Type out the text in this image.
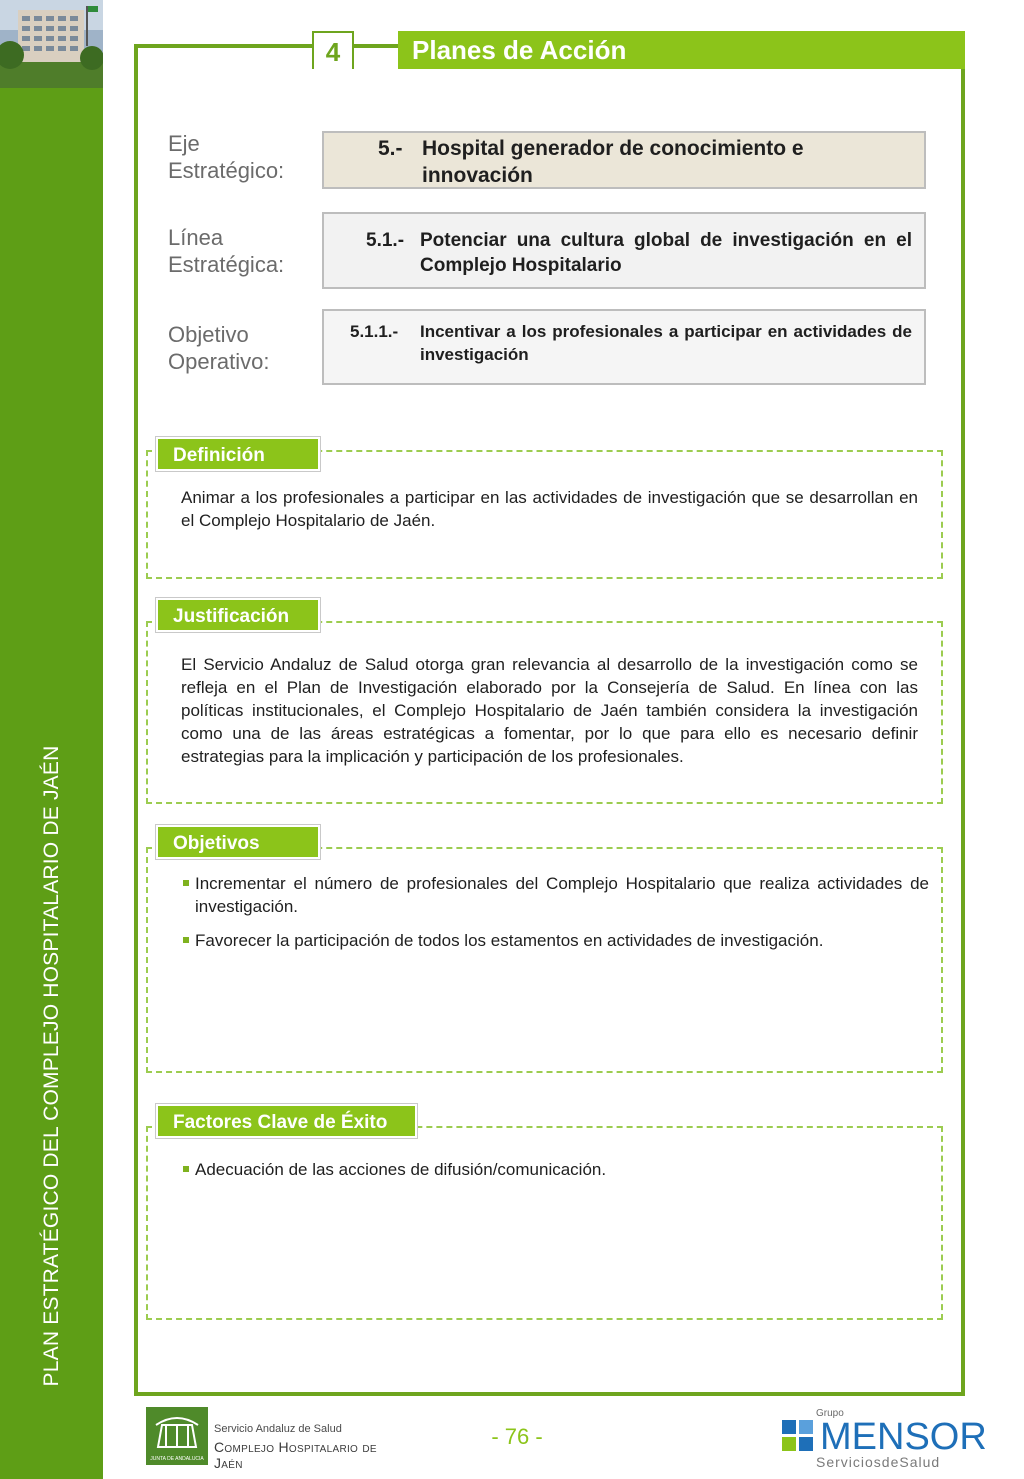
PLAN ESTRATÉGICO DEL COMPLEJO HOSPITALARIO DE JAÉN
4	Planes de Acción
Eje
Estratégico:
5.- Hospital generador de conocimiento e innovación
Línea
Estratégica:
5.1.- Potenciar una cultura global de investigación en el Complejo Hospitalario
Objetivo
Operativo:
5.1.1.-	Incentivar a los profesionales a participar en actividades de investigación
Definición
Animar a los profesionales a participar en las actividades de investigación que se desarrollan en el Complejo Hospitalario de Jaén.
Justificación
El Servicio Andaluz de Salud otorga gran relevancia al desarrollo de la investigación como se refleja en el Plan de Investigación elaborado por la Consejería de Salud. En línea con las políticas institucionales, el Complejo Hospitalario de Jaén también considera la investigación como una de las áreas estratégicas a fomentar, por lo que para ello es necesario definir estrategias para la implicación y participación de los profesionales.
Objetivos
Incrementar el número de profesionales del Complejo Hospitalario que realiza actividades de investigación.
Favorecer la participación de todos los estamentos en actividades de investigación.
Factores Clave de Éxito
Adecuación de las acciones de difusión/comunicación.
JUNTA DE ANDALUCIA
Servicio Andaluz de Salud
Complejo Hospitalario de Jaén
- 76 -
Grupo
MENSOR
ServiciosdeSalud
